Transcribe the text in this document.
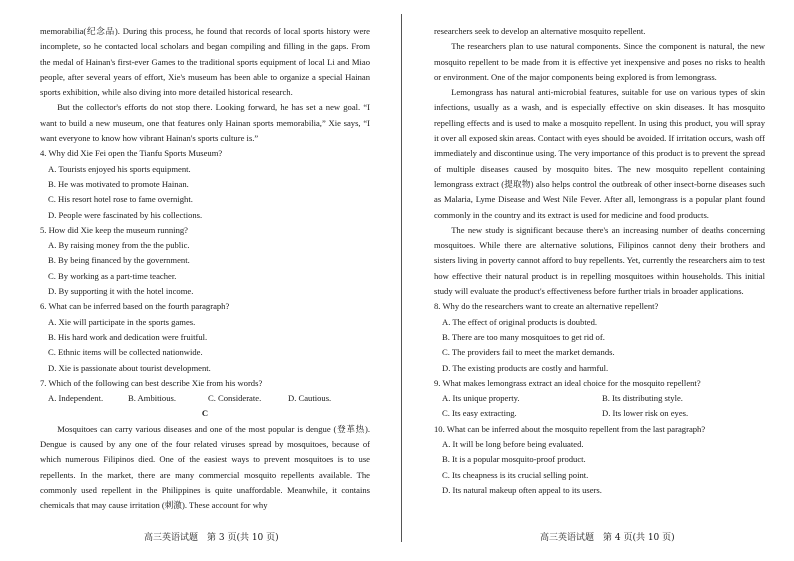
memorabilia(纪念品). During this process, he found that records of local sports history were incomplete, so he contacted local scholars and began compiling and filling in the gaps. From the medal of Hainan's first-ever Games to the traditional sports equipment of local Li and Miao people, after several years of effort, Xie's museum has been able to organize a special Hainan sports exhibition, while also diving into more detailed historical research.

But the collector's efforts do not stop there. Looking forward, he has set a new goal. “I want to build a new museum, one that features only Hainan sports memorabilia,” Xie says, “I want everyone to know how vibrant Hainan's sports culture is.”

4. Why did Xie Fei open the Tianfu Sports Museum?

A. Tourists enjoyed his sports equipment.

B. He was motivated to promote Hainan.

C. His resort hotel rose to fame overnight.

D. People were fascinated by his collections.

5. How did Xie keep the museum running?

A. By raising money from the the public.

B. By being financed by the government.

C. By working as a part-time teacher.

D. By supporting it with the hotel income.

6. What can be inferred based on the fourth paragraph?

A. Xie will participate in the sports games.

B. His hard work and dedication were fruitful.

C. Ethnic items will be collected nationwide.

D. Xie is passionate about tourist development.

7. Which of the following can best describe Xie from his words?

A. Independent.	B. Ambitious.	C. Considerate.	D. Cautious.

C

Mosquitoes can carry various diseases and one of the most popular is dengue (登革热). Dengue is caused by any one of the four related viruses spread by mosquitoes, because of which numerous Filipinos died. One of the easiest ways to prevent mosquitoes is to use repellents. In the market, there are many commercial mosquito repellents available. The commonly used repellent in the Philippines is quite unaffordable. Meanwhile, it contains chemicals that may cause irritation (刺激). These account for why

researchers seek to develop an alternative mosquito repellent.

The researchers plan to use natural components. Since the component is natural, the new mosquito repellent to be made from it is effective yet inexpensive and poses no risks to health or environment. One of the major components being explored is from lemongrass.

Lemongrass has natural anti-microbial features, suitable for use on various types of skin infections, usually as a wash, and is especially effective on skin diseases. It has mosquito repelling effects and is used to make a mosquito repellent. In using this product, you will spray it over all exposed skin areas. Contact with eyes should be avoided. If irritation occurs, wash off immediately and discontinue using. The very importance of this product is to prevent the spread of multiple diseases caused by mosquito bites. The new mosquito repellent containing lemongrass extract (提取物) also helps control the outbreak of other insect-borne diseases such as Malaria, Lyme Disease and West Nile Fever. After all, lemongrass is a popular plant found commonly in the country and its extract is used for medicine and food products.

The new study is significant because there's an increasing number of deaths concerning mosquitoes. While there are alternative solutions, Filipinos cannot deny their brothers and sisters living in poverty cannot afford to buy repellents. Yet, currently the researchers aim to test how effective their natural product is in repelling mosquitoes within households. This initial study will evaluate the product's effectiveness before further trials in broader applications.

8. Why do the researchers want to create an alternative repellent?

A. The effect of original products is doubted.

B. There are too many mosquitoes to get rid of.

C. The providers fail to meet the market demands.

D. The existing products are costly and harmful.

9. What makes lemongrass extract an ideal choice for the mosquito repellent?

A. Its unique property.	B. Its distributing style.

C. Its easy extracting.	D. Its lower risk on eyes.

10. What can be inferred about the mosquito repellent from the last paragraph?

A. It will be long before being evaluated.

B. It is a popular mosquito-proof product.

C. Its cheapness is its crucial selling point.

D. Its natural makeup often appeal to its users.

高三英语试题　第 3 页(共 10 页)	高三英语试题　第 4 页(共 10 页)
